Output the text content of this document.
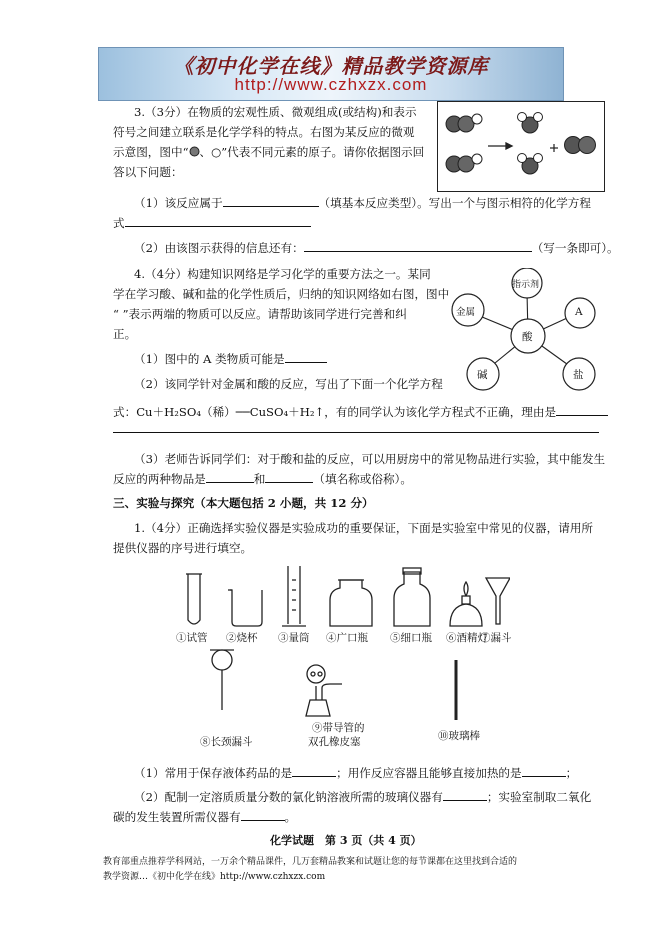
《初中化学在线》精品教学资源库
http://www.czhxzx.com
3.（3分）在物质的宏观性质、微观组成(或结构)和表示
符号之间建立联系是化学学科的特点。右图为某反应的微观
示意图，图中“ 、○”代表不同元素的原子。请你依据图示回
答以下问题：
（1）该反应属于	（填基本反应类型）。写出一个与图示相符的化学方程
式
（2）由该图示获得的信息还有：	（写一条即可）。
4.（4分）构建知识网络是学习化学的重要方法之一。某同
学在学习酸、碱和盐的化学性质后，归纳的知识网络如右图，图中
“ ”表示两端的物质可以反应。请帮助该同学进行完善和纠
正。
（1）图中的 A 类物质可能是
（2）该同学针对金属和酸的反应，写出了下面一个化学方程
式：Cu＋H₂SO₄（稀）──CuSO₄＋H₂↑，有的同学认为该化学方程式不正确，理由是
指示剂
金属	A
碱	盐
酸
（3）老师告诉同学们：对于酸和盐的反应，可以用厨房中的常见物品进行实验，其中能发生
反应的两种物品是	和	（填名称或俗称）。
三、实验与探究（本大题包括 2 小题，共 12 分）
1.（4分）正确选择实验仪器是实验成功的重要保证，下面是实验室中常见的仪器，请用所
提供仪器的序号进行填空。
①试管 ②烧杯 ③量筒 ④广口瓶 ⑤细口瓶 ⑥酒精灯
⑦漏斗
⑧长颈漏斗
⑨带导管的
双孔橡皮塞	⑩玻璃棒
（1）常用于保存液体药品的是	；用作反应容器且能够直接加热的是	；
（2）配制一定溶质质量分数的氯化钠溶液所需的玻璃仪器有	；实验室制取二氧化
碳的发生装置所需仪器有	。
化学试题　第 3 页（共 4 页）
教育部重点推荐学科网站，一万余个精品课件，几万套精品教案和试题让您的每节课都在这里找到合适的
教学资源…《初中化学在线》http://www.czhxzx.com
